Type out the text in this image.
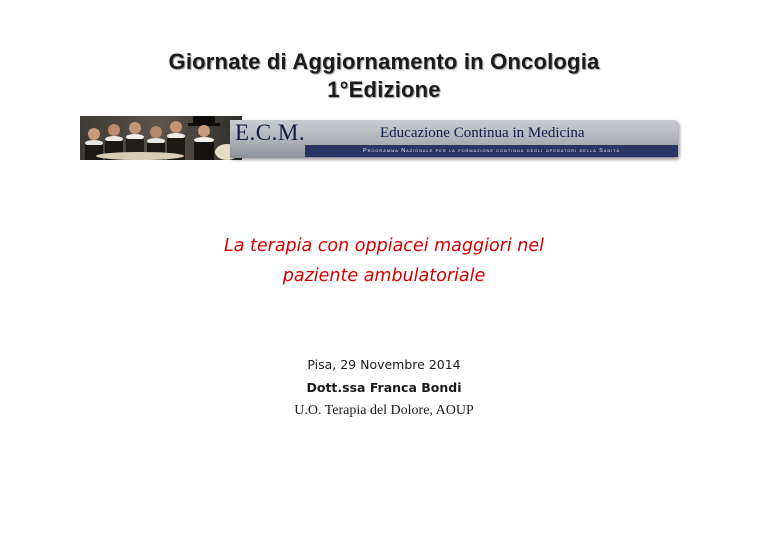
Giornate di Aggiornamento in Oncologia
1°Edizione
E.C.M.	Educazione Continua in Medicina
Programma Nazionale per la formazione continua degli operatori della Sanità
La terapia con oppiacei maggiori nel
paziente ambulatoriale
Pisa, 29 Novembre 2014
Dott.ssa Franca Bondi
U.O. Terapia del Dolore, AOUP
